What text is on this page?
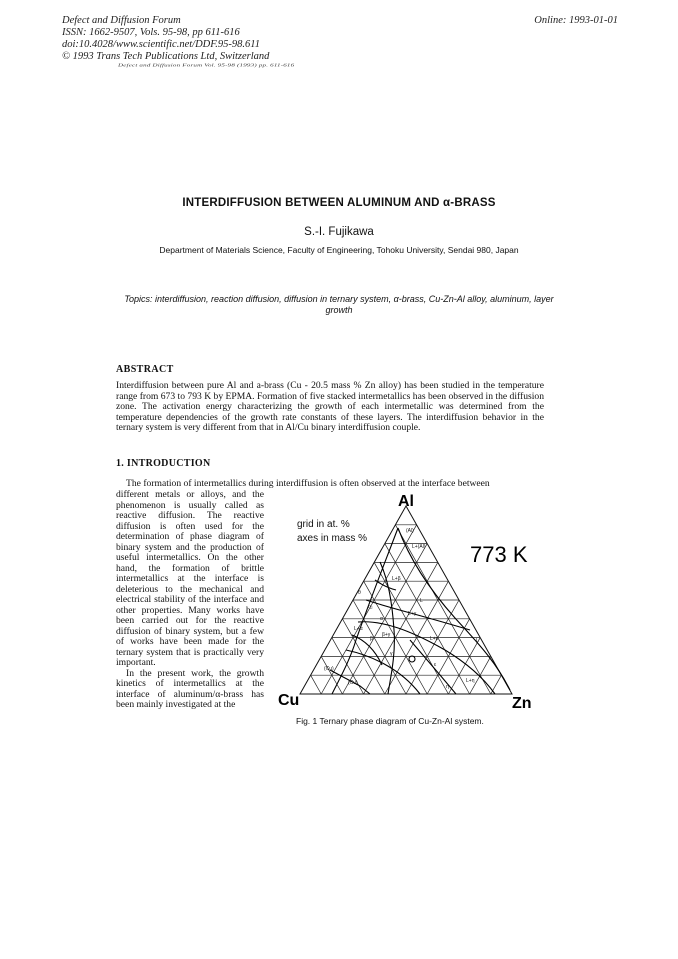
Defect and Diffusion Forum
ISSN: 1662-9507, Vols. 95-98, pp 611-616
doi:10.4028/www.scientific.net/DDF.95-98.611
© 1993 Trans Tech Publications Ltd, Switzerland
Online: 1993-01-01
Defect and Diffusion Forum Vol. 95-98 (1993) pp. 611-616
INTERDIFFUSION BETWEEN ALUMINUM AND α-BRASS
S.-I. Fujikawa
Department of Materials Science, Faculty of Engineering, Tohoku University, Sendai 980, Japan
Topics: interdiffusion, reaction diffusion, diffusion in ternary system, α-brass, Cu-Zn-Al alloy, aluminum, layer growth
ABSTRACT
Interdiffusion between pure Al and a-brass (Cu - 20.5 mass % Zn alloy) has been studied in the temperature range from 673 to 793 K by EPMA. Formation of five stacked intermetallics has been observed in the diffusion zone. The activation energy characterizing the growth of each intermetallic was determined from the temperature dependencies of the growth rate constants of these layers. The interdiffusion behavior in the ternary system is very different from that in Al/Cu binary interdiffusion couple.
1. INTRODUCTION
The formation of intermetallics during interdiffusion is often observed at the interface between

different metals or alloys, and the phenomenon is usually called as reactive diffusion. The reactive diffusion is often used for the determination of phase diagram of binary system and the production of useful intermetallics. On the other hand, the formation of brittle intermetallics at the interface is deleterious to the mechanical and electrical stability of the interface and other properties. Many works have been carried out for the reactive diffusion of binary system, but a few of works have been made for the ternary system that is practically very important.

In the present work, the growth kinetics of intermetallics at the interface of aluminum/α-brass has been mainly investigated at the

(Al)
L+(Al)
L+β
L
L
α
L+α
β
γ
ε
L+ε
L+γ
L+η
η
(Cu)
(Cu)
θ
η₂
β+γ
Al
Cu	Zn
grid in at. %
axes in mass %
773 K
Fig. 1 Ternary phase diagram of Cu-Zn-Al system.
